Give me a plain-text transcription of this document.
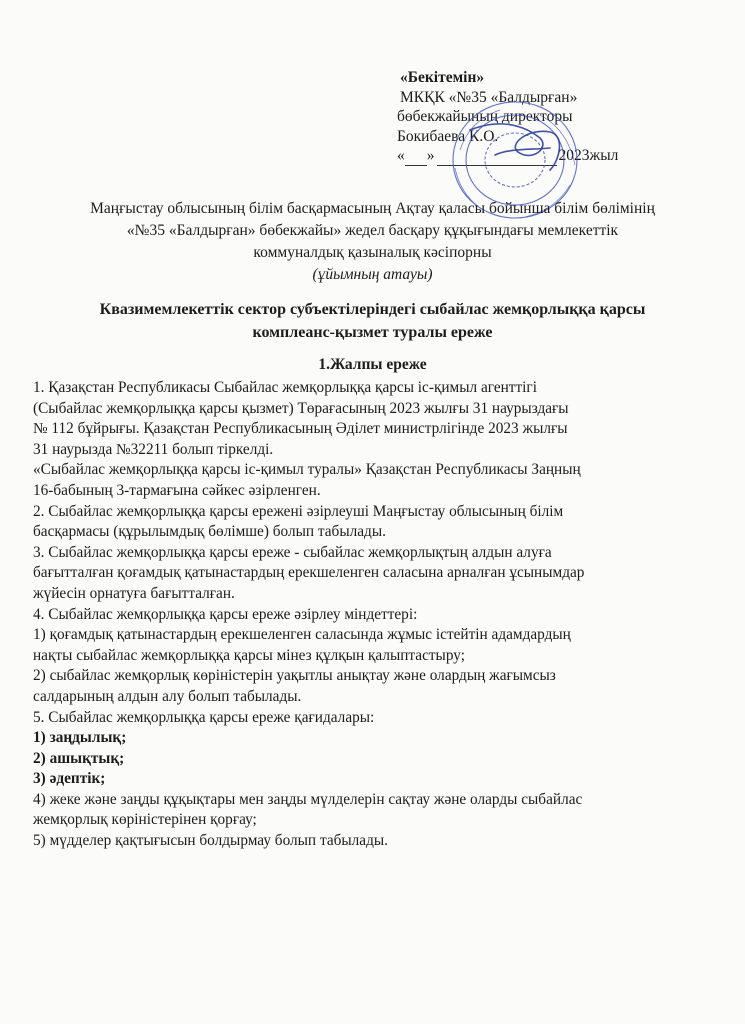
«Бекітемін»
МКҚК «№35 «Балдырған»
бөбекжайының директоры
Бокибаева К.О.
« »	2023жыл
Маңғыстау облысының білім басқармасының Ақтау қаласы бойынша білім бөлімінің
«№35 «Балдырған» бөбекжайы» жедел басқару құқығындағы мемлекеттік
коммуналдық қазыналық кәсіпорны
(ұйымның атауы)
Квазимемлекеттік сектор субъектілеріндегі сыбайлас жемқорлыққа қарсы
комплеанс-қызмет туралы ереже
1.Жалпы ереже
1. Қазақстан Республикасы Сыбайлас жемқорлыққа қарсы іс-қимыл агенттігі
(Сыбайлас жемқорлыққа қарсы қызмет) Төрағасының 2023 жылғы 31 наурыздағы
№ 112 бұйрығы. Қазақстан Республикасының Әділет министрлігінде 2023 жылғы
31 наурызда №32211 болып тіркелді.
«Сыбайлас жемқорлыққа қарсы іс-қимыл туралы» Қазақстан Республикасы Заңның
16-бабының 3-тармағына сәйкес әзірленген.
2. Сыбайлас жемқорлыққа қарсы ережені әзірлеуші Маңғыстау облысының білім
басқармасы (құрылымдық бөлімше) болып табылады.
3. Сыбайлас жемқорлыққа қарсы ереже - сыбайлас жемқорлықтың алдын алуға
бағытталған қоғамдық қатынастардың ерекшеленген саласына арналған ұсынымдар
жүйесін орнатуға бағытталған.
4. Сыбайлас жемқорлыққа қарсы ереже әзірлеу міндеттері:
1) қоғамдық қатынастардың ерекшеленген саласында жұмыс істейтін адамдардың
нақты сыбайлас жемқорлыққа қарсы мінез құлқын қалыптастыру;
2) сыбайлас жемқорлық көріністерін уақытлы анықтау және олардың жағымсыз
салдарының алдын алу болып табылады.
5. Сыбайлас жемқорлыққа қарсы ереже қағидалары:
1) заңдылық;
2) ашықтық;
3) әдептік;
4) жеке және заңды құқықтары мен заңды мүлделерін сақтау және оларды сыбайлас
жемқорлық көріністерінен қорғау;
5) мүдделер қақтығысын болдырмау болып табылады.
